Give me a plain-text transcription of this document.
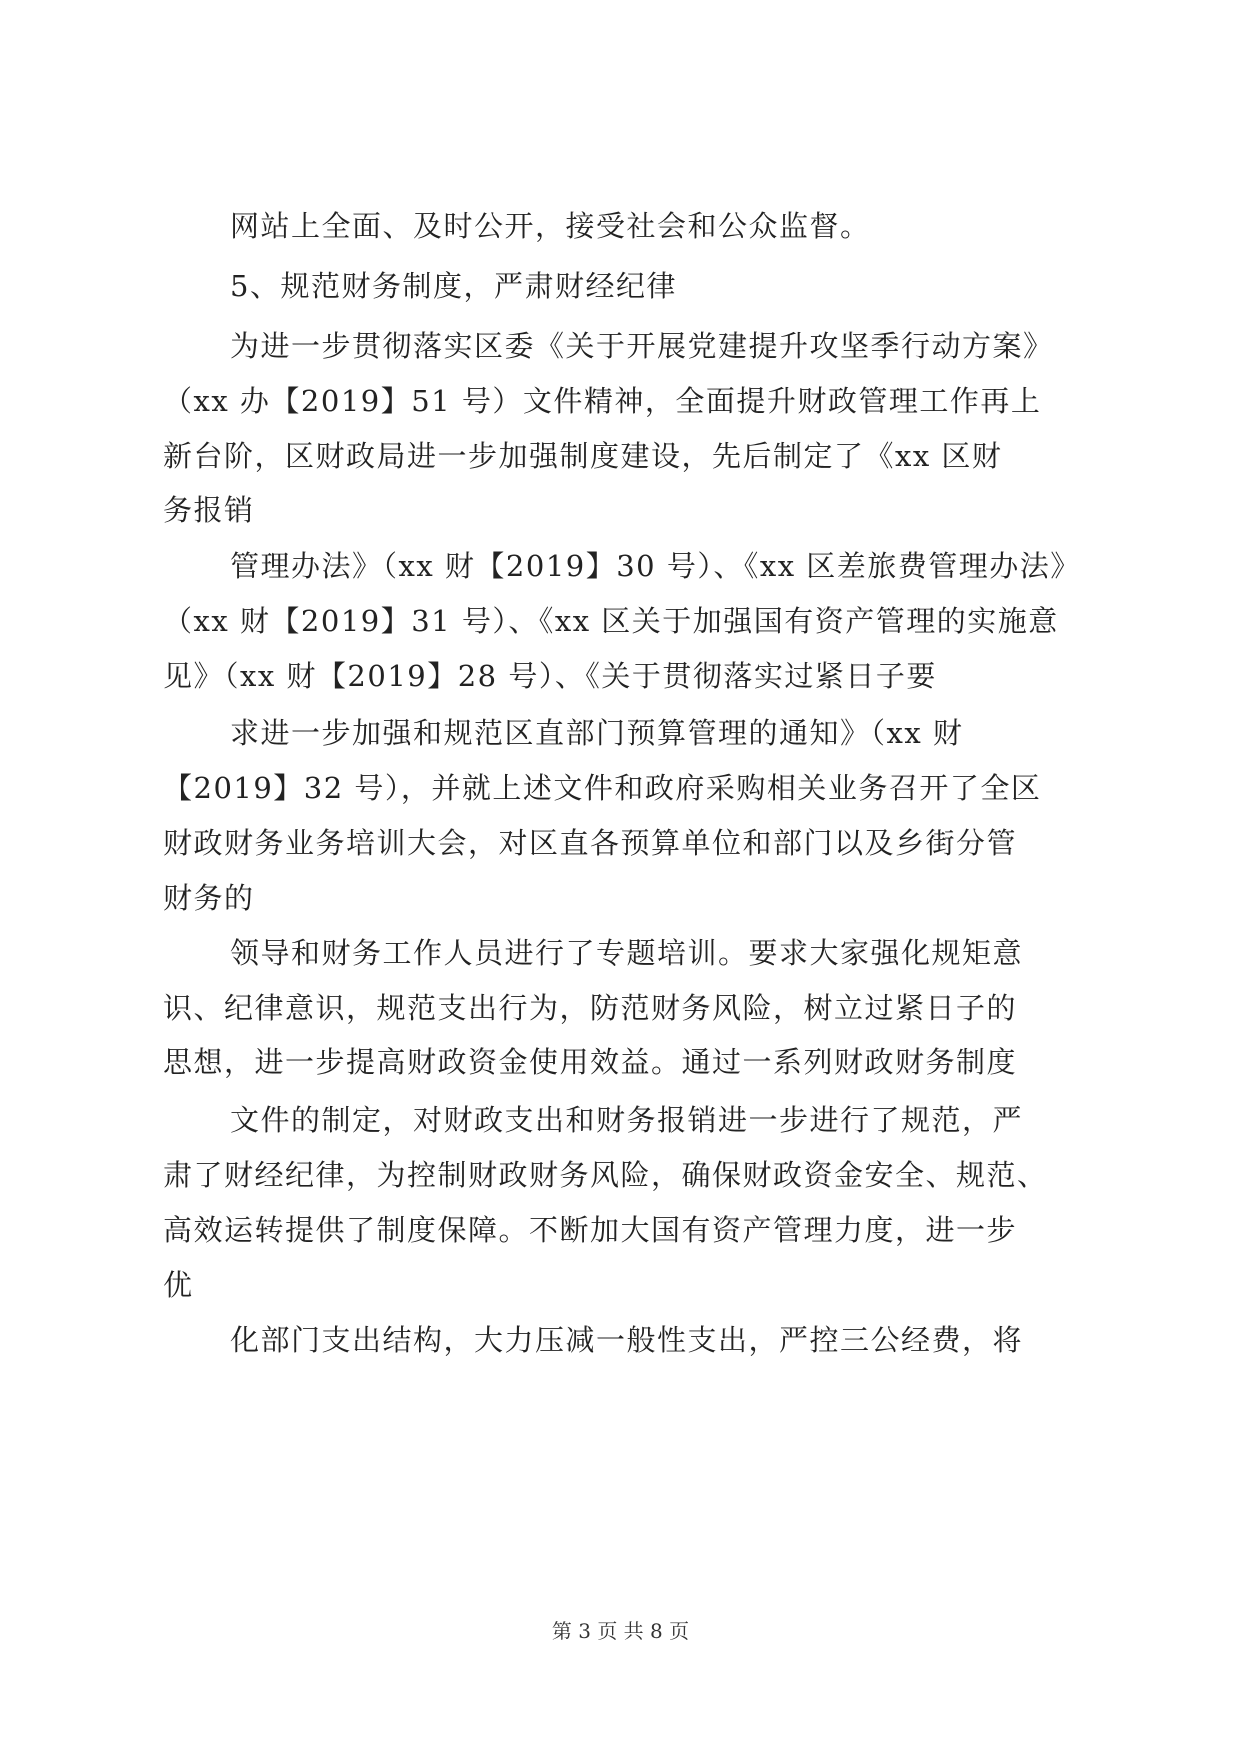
网站上全面、及时公开，接受社会和公众监督。
5、规范财务制度，严肃财经纪律
为进一步贯彻落实区委《关于开展党建提升攻坚季行动方案》
（xx 办【2019】51 号）文件精神，全面提升财政管理工作再上
新台阶，区财政局进一步加强制度建设，先后制定了《xx 区财
务报销
管理办法》（xx 财【2019】30 号）、《xx 区差旅费管理办法》
（xx 财【2019】31 号）、《xx 区关于加强国有资产管理的实施意
见》（xx 财【2019】28 号）、《关于贯彻落实过紧日子要
求进一步加强和规范区直部门预算管理的通知》（xx 财
【2019】32 号），并就上述文件和政府采购相关业务召开了全区
财政财务业务培训大会，对区直各预算单位和部门以及乡街分管
财务的
领导和财务工作人员进行了专题培训。要求大家强化规矩意
识、纪律意识，规范支出行为，防范财务风险，树立过紧日子的
思想，进一步提高财政资金使用效益。通过一系列财政财务制度
文件的制定，对财政支出和财务报销进一步进行了规范，严
肃了财经纪律，为控制财政财务风险，确保财政资金安全、规范、
高效运转提供了制度保障。不断加大国有资产管理力度，进一步
优
化部门支出结构，大力压减一般性支出，严控三公经费，将
第 3 页 共 8 页
